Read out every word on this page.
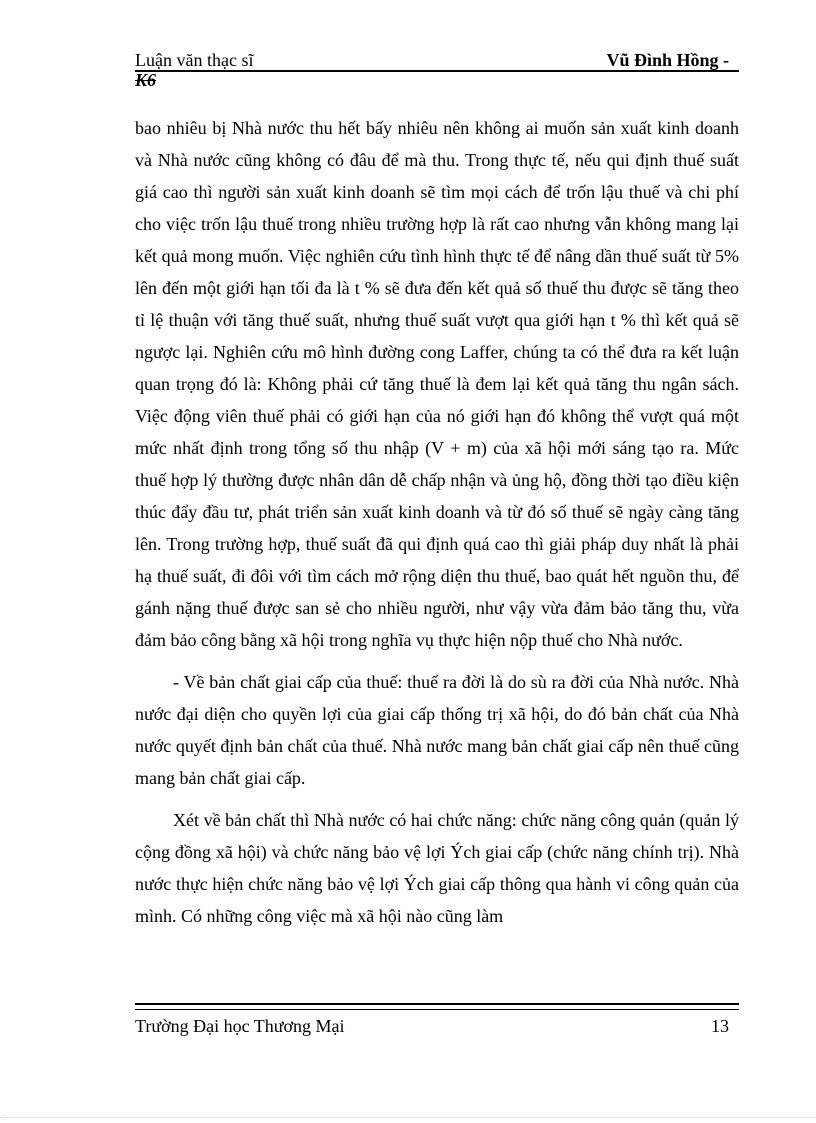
Luận văn thạc sĩ	Vũ Đình Hồng -
K6

bao nhiêu bị Nhà nước thu hết bấy nhiêu nên không ai muốn sản xuất kinh doanh và Nhà nước cũng không có đâu để mà thu. Trong thực tế, nếu qui định thuế suất giá cao thì người sản xuất kinh doanh sẽ tìm mọi cách để trốn lậu thuế và chi phí cho việc trốn lậu thuế trong nhiều trường hợp là rất cao nhưng vẫn không mang lại kết quả mong muốn. Việc nghiên cứu tình hình thực tế để nâng dần thuế suất từ 5% lên đến một giới hạn tối đa là t % sẽ đưa đến kết quả số thuế thu được sẽ tăng theo tỉ lệ thuận với tăng thuế suất, nhưng thuế suất vượt qua giới hạn t % thì kết quả sẽ ngược lại. Nghiên cứu mô hình đường cong Laffer, chúng ta có thể đưa ra kết luận quan trọng đó là: Không phải cứ tăng thuế là đem lại kết quả tăng thu ngân sách. Việc động viên thuế phải có giới hạn của nó giới hạn đó không thể vượt quá một mức nhất định trong tổng số thu nhập (V + m) của xã hội mới sáng tạo ra. Mức thuế hợp lý thường được nhân dân dễ chấp nhận và ủng hộ, đồng thời tạo điều kiện thúc đẩy đầu tư, phát triển sản xuất kinh doanh và từ đó số thuế sẽ ngày càng tăng lên. Trong trường hợp, thuế suất đã qui định quá cao thì giải pháp duy nhất là phải hạ thuế suất, đi đôi với tìm cách mở rộng diện thu thuế, bao quát hết nguồn thu, để gánh nặng thuế được san sẻ cho nhiều người, như vậy vừa đảm bảo tăng thu, vừa đảm bảo công bằng xã hội trong nghĩa vụ thực hiện nộp thuế cho Nhà nước.

- Về bản chất giai cấp của thuế: thuế ra đời là do sù ra đời của Nhà nước. Nhà nước đại diện cho quyền lợi của giai cấp thống trị xã hội, do đó bản chất của Nhà nước quyết định bản chất của thuế. Nhà nước mang bản chất giai cấp nên thuế cũng mang bản chất giai cấp.

Xét về bản chất thì Nhà nước có hai chức năng: chức năng công quản (quản lý cộng đồng xã hội) và chức năng bảo vệ lợi Ých giai cấp (chức năng chính trị). Nhà nước thực hiện chức năng bảo vệ lợi Ých giai cấp thông qua hành vi công quản của mình. Có những công việc mà xã hội nào cũng làm

Trường Đại học Thương Mại	13
